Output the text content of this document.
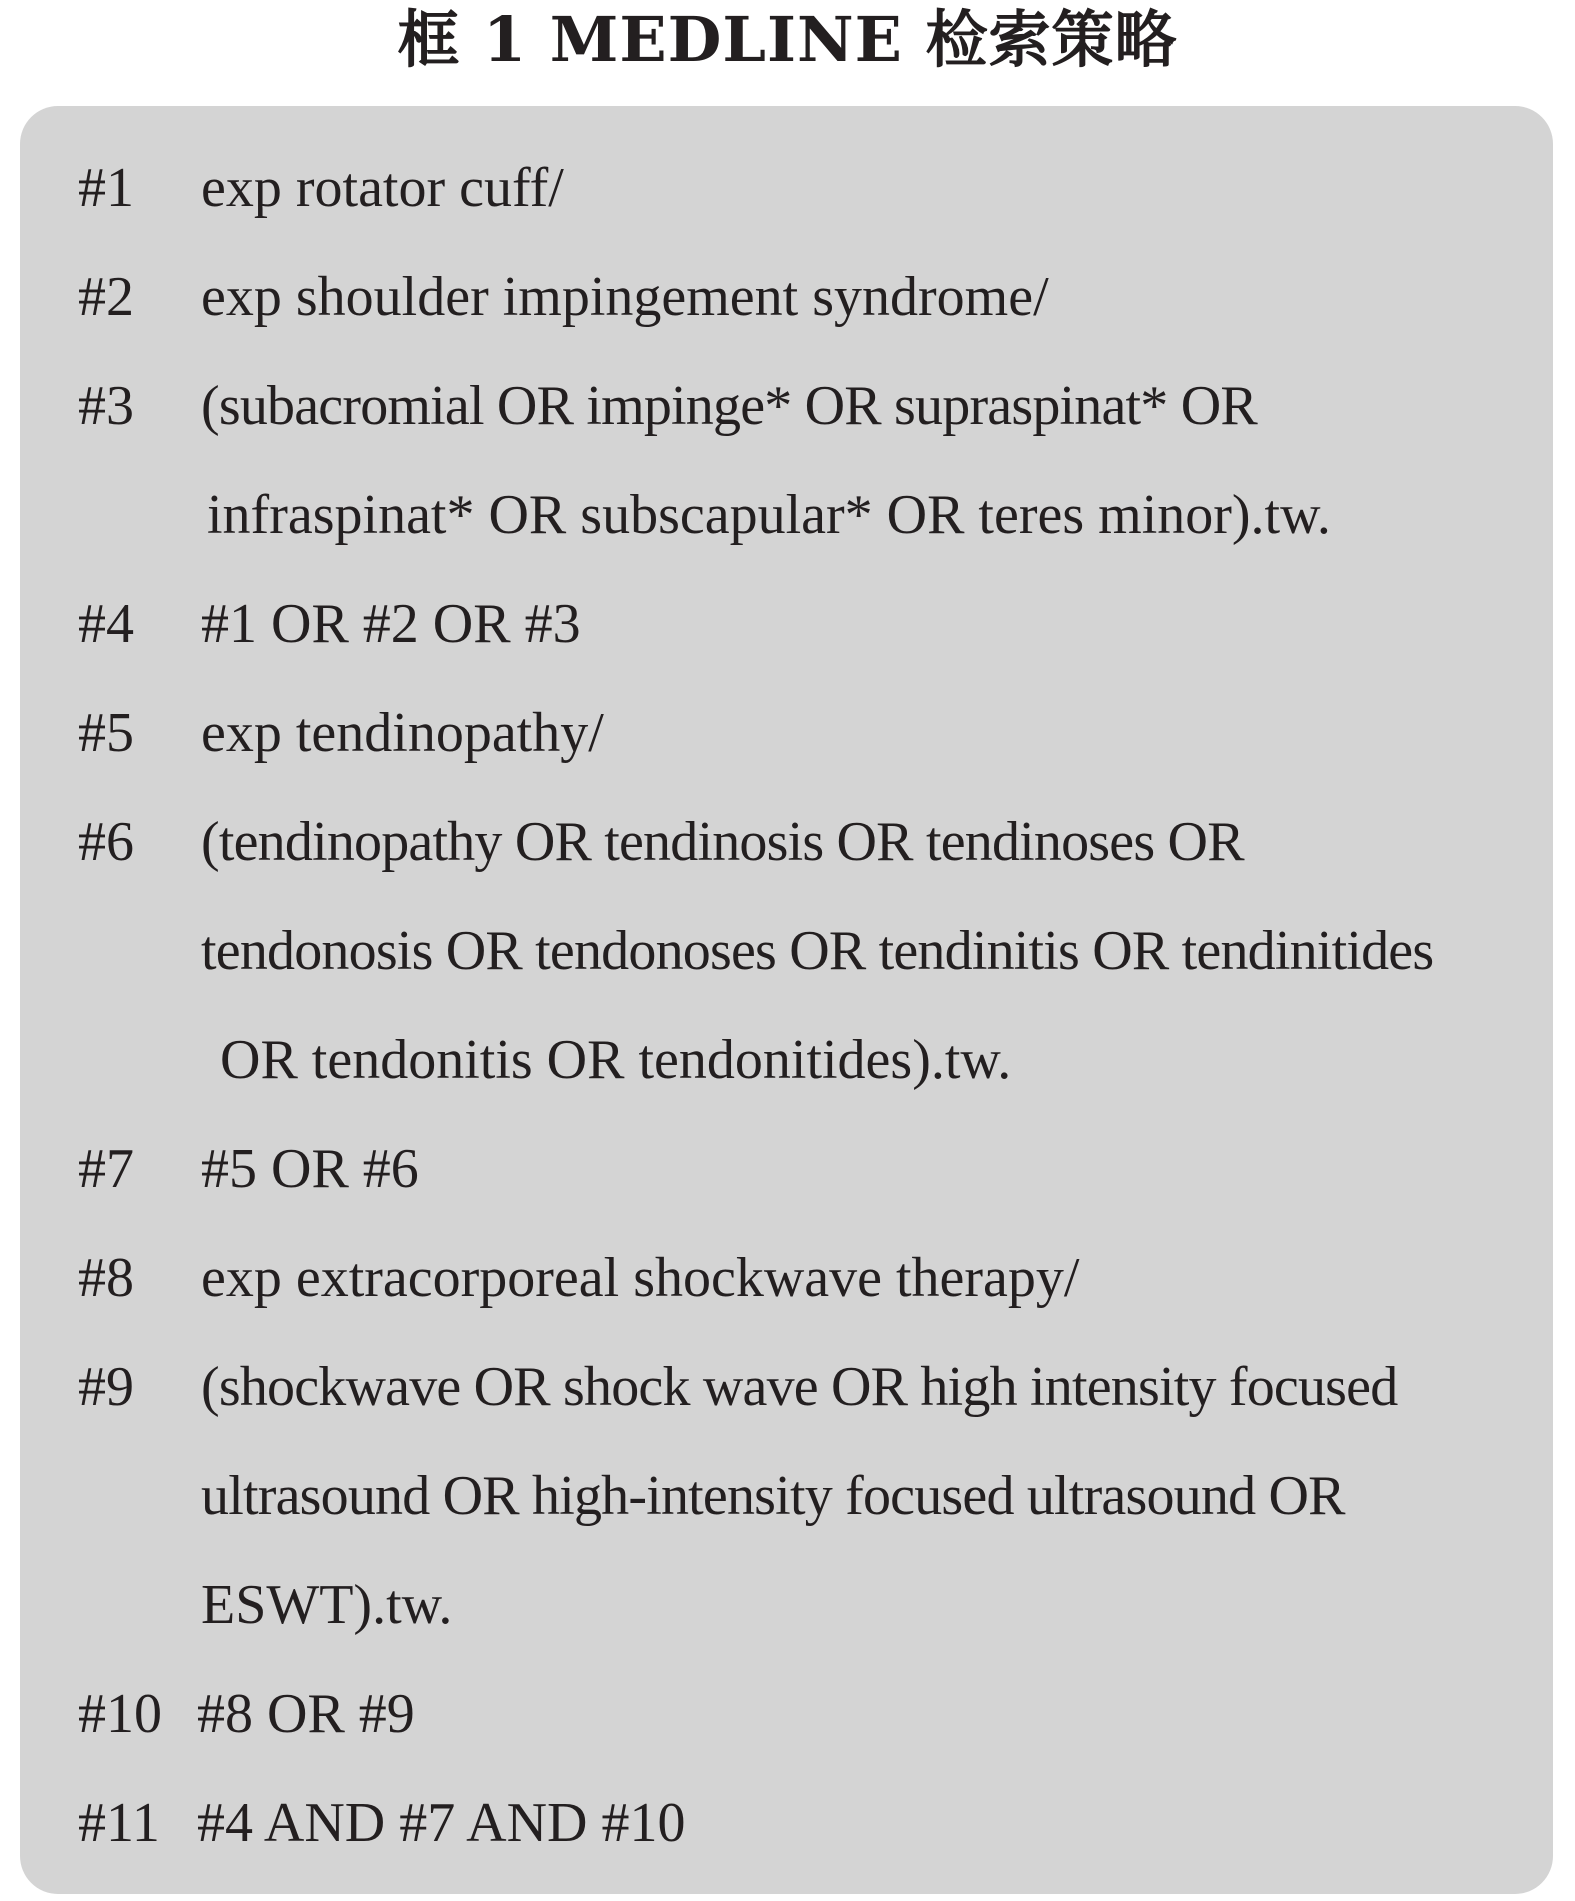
框 1 MEDLINE 检索策略
#1	exp rotator cuff/
#2	exp shoulder impingement syndrome/
#3	(subacromial OR impinge* OR supraspinat* OR
infraspinat* OR subscapular* OR teres minor).tw.
#4	#1 OR #2 OR #3
#5	exp tendinopathy/
#6	(tendinopathy OR tendinosis OR tendinoses OR
tendonosis OR tendonoses OR tendinitis OR tendinitides
OR tendonitis OR tendonitides).tw.
#7	#5 OR #6
#8	exp extracorporeal shockwave therapy/
#9	(shockwave OR shock wave OR high intensity focused
ultrasound OR high-intensity focused ultrasound OR
ESWT).tw.
#10 #8 OR #9
#11 #4 AND #7 AND #10
